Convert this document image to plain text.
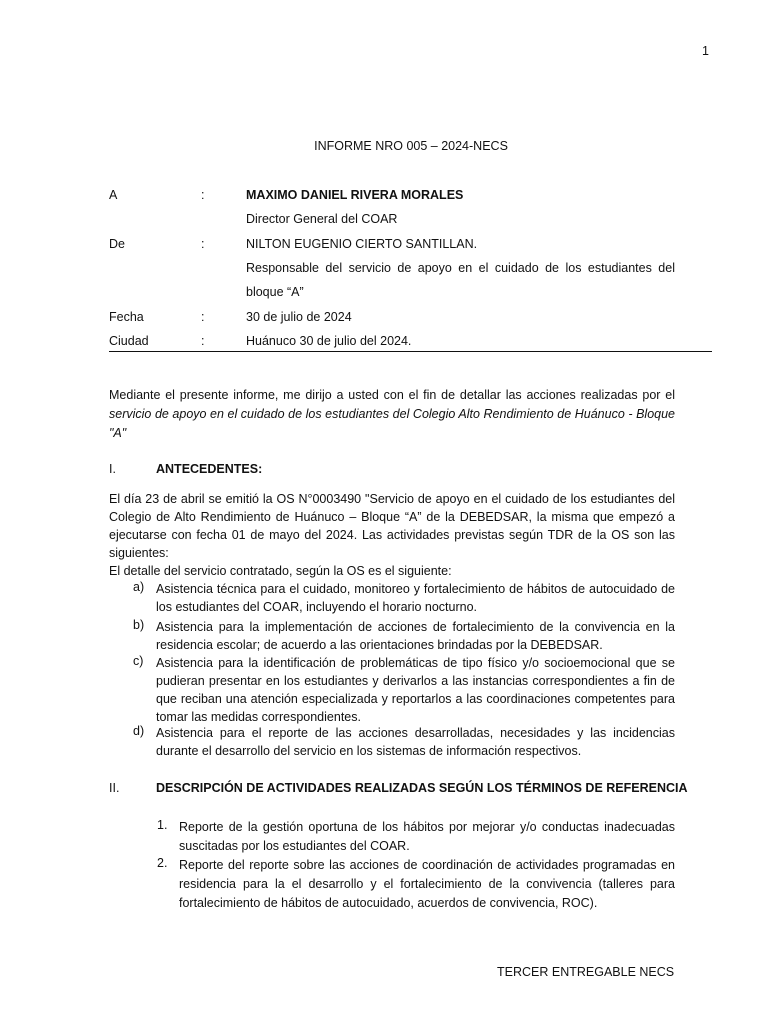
1
INFORME NRO 005 – 2024-NECS
A	:	MAXIMO DANIEL RIVERA MORALES
Director General del COAR
De	:	NILTON EUGENIO CIERTO SANTILLAN.
Responsable del servicio de apoyo en el cuidado de los estudiantes del
bloque “A”
Fecha	:	30 de julio de 2024
Ciudad	:	Huánuco 30 de julio del 2024.
Mediante el presente informe, me dirijo a usted con el fin de detallar las acciones realizadas por el servicio de apoyo en el cuidado de los estudiantes del Colegio Alto Rendimiento de Huánuco - Bloque "A"
I.	ANTECEDENTES:
El día 23 de abril se emitió la OS N°0003490 "Servicio de apoyo en el cuidado de los estudiantes del Colegio de Alto Rendimiento de Huánuco – Bloque “A” de la DEBEDSAR, la misma que empezó a ejecutarse con fecha 01 de mayo del 2024. Las actividades previstas según TDR de la OS son las siguientes:
El detalle del servicio contratado, según la OS es el siguiente:
a) Asistencia técnica para el cuidado, monitoreo y fortalecimiento de hábitos de autocuidado de los estudiantes del COAR, incluyendo el horario nocturno.
b) Asistencia para la implementación de acciones de fortalecimiento de la convivencia en la residencia escolar; de acuerdo a las orientaciones brindadas por la DEBEDSAR.
c) Asistencia para la identificación de problemáticas de tipo físico y/o socioemocional que se pudieran presentar en los estudiantes y derivarlos a las instancias correspondientes a fin de que reciban una atención especializada y reportarlos a las coordinaciones competentes para tomar las medidas correspondientes.
d) Asistencia para el reporte de las acciones desarrolladas, necesidades y las incidencias durante el desarrollo del servicio en los sistemas de información respectivos.
II.	DESCRIPCIÓN DE ACTIVIDADES REALIZADAS SEGÚN LOS TÉRMINOS DE REFERENCIA
1. Reporte de la gestión oportuna de los hábitos por mejorar y/o conductas inadecuadas suscitadas por los estudiantes del COAR.
2. Reporte del reporte sobre las acciones de coordinación de actividades programadas en residencia para la el desarrollo y el fortalecimiento de la convivencia (talleres para fortalecimiento de hábitos de autocuidado, acuerdos de convivencia, ROC).
TERCER ENTREGABLE NECS
